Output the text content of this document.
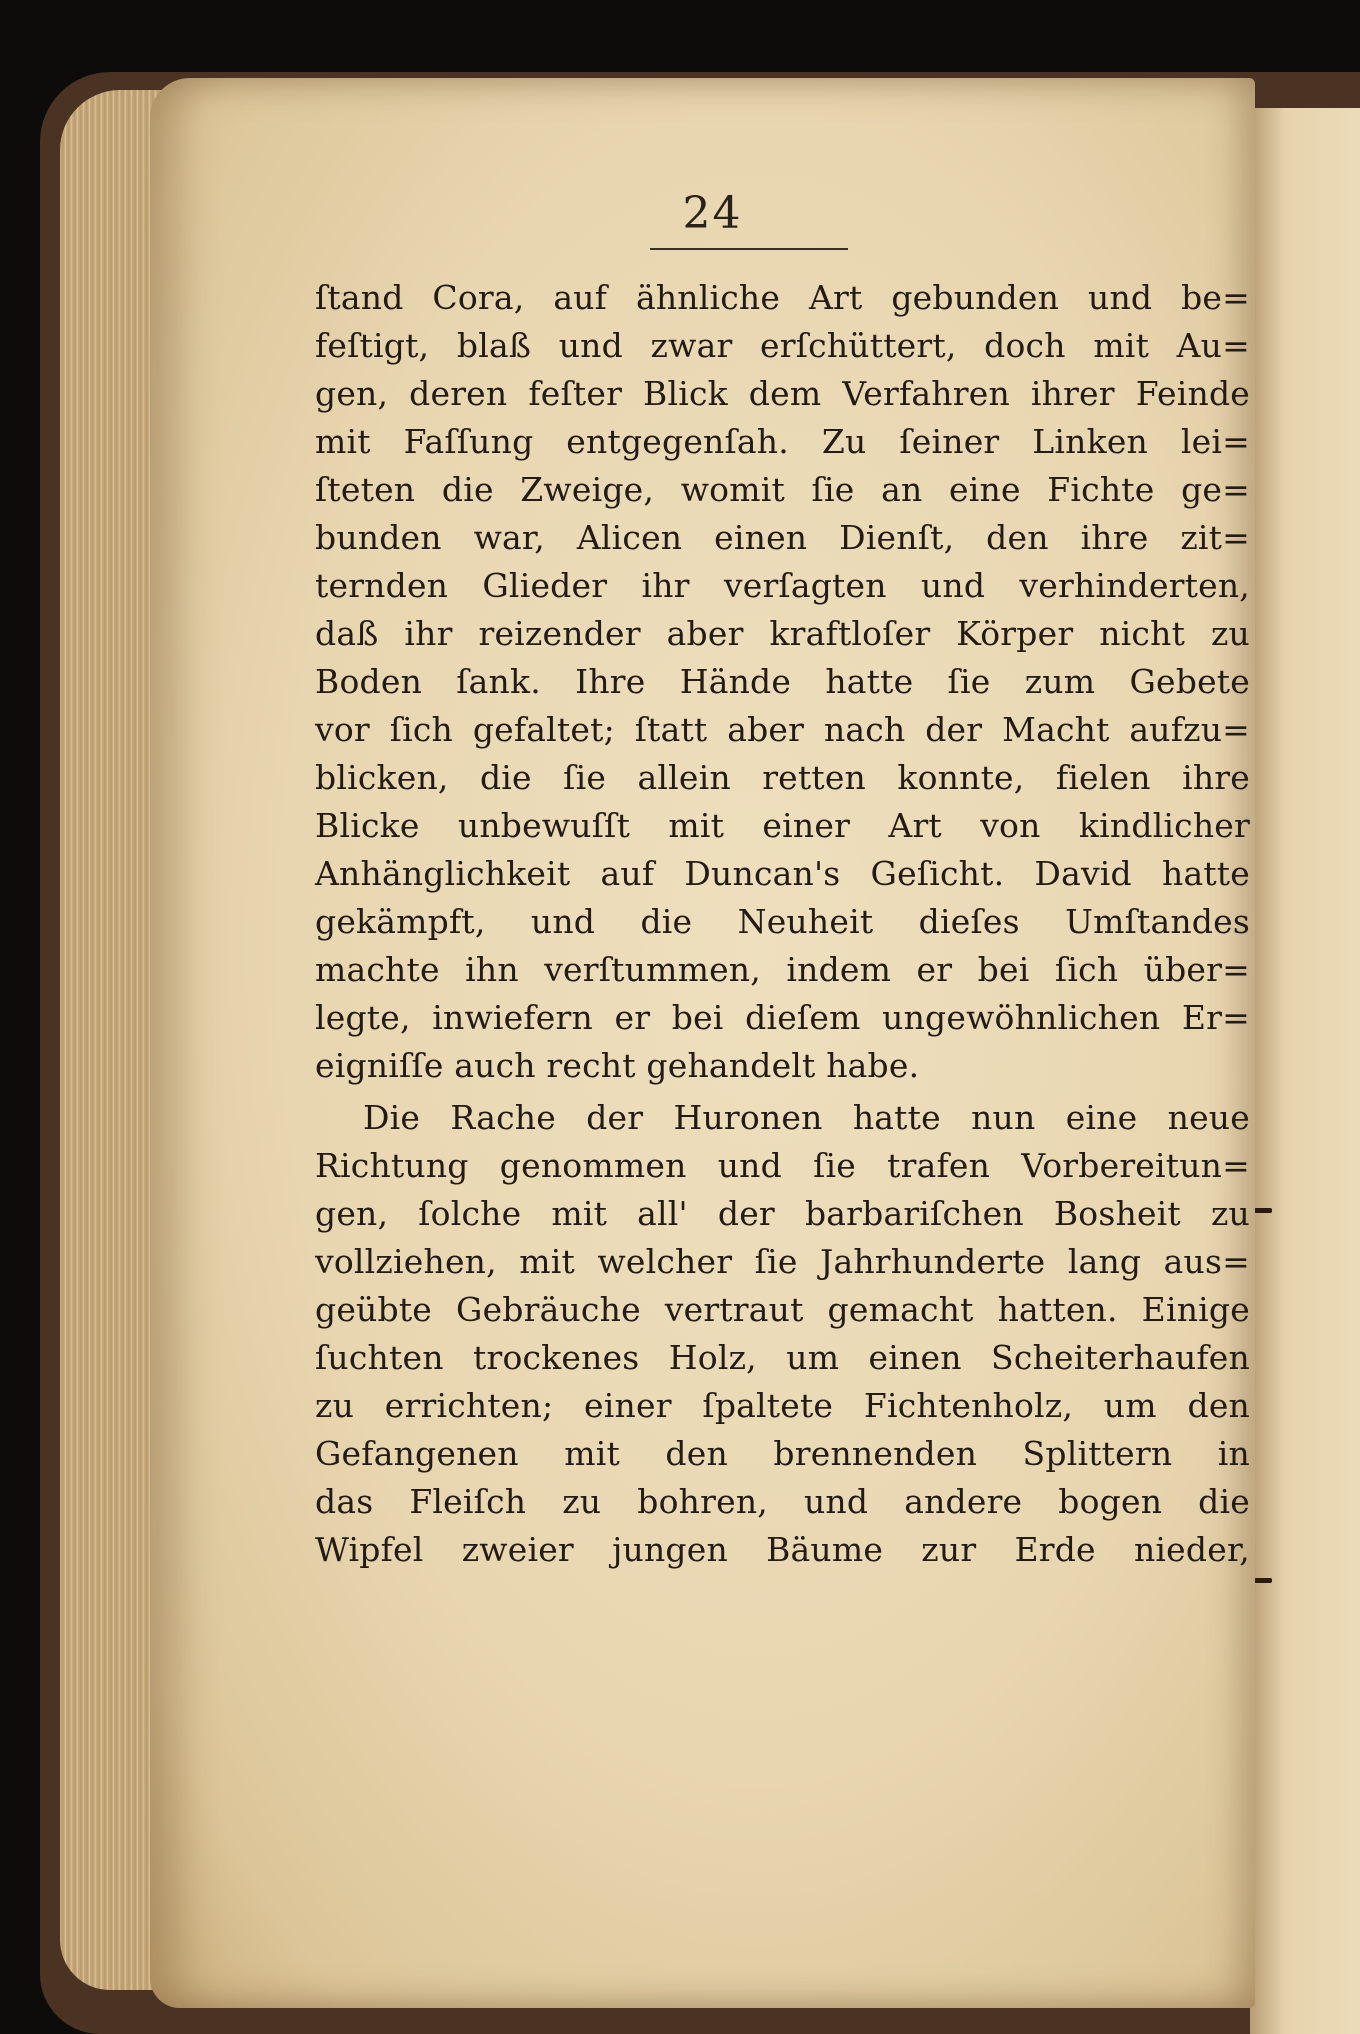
24
ſtand Cora, auf ähnliche Art gebunden und be=
feſtigt, blaß und zwar erſchüttert, doch mit Au=
gen, deren feſter Blick dem Verfahren ihrer Feinde
mit Faſſung entgegenſah. Zu ſeiner Linken lei=
ſteten die Zweige, womit ſie an eine Fichte ge=
bunden war, Alicen einen Dienſt, den ihre zit=
ternden Glieder ihr verſagten und verhinderten,
daß ihr reizender aber kraftloſer Körper nicht zu
Boden ſank. Ihre Hände hatte ſie zum Gebete
vor ſich gefaltet; ſtatt aber nach der Macht aufzu=
blicken, die ſie allein retten konnte, fielen ihre
Blicke unbewuſſt mit einer Art von kindlicher
Anhänglichkeit auf Duncan's Geſicht. David hatte
gekämpft, und die Neuheit dieſes Umſtandes
machte ihn verſtummen, indem er bei ſich über=
legte, inwiefern er bei dieſem ungewöhnlichen Er=
eigniſſe auch recht gehandelt habe.
Die Rache der Huronen hatte nun eine neue
Richtung genommen und ſie trafen Vorbereitun=
gen, ſolche mit all' der barbariſchen Bosheit zu
vollziehen, mit welcher ſie Jahrhunderte lang aus=
geübte Gebräuche vertraut gemacht hatten. Einige
ſuchten trockenes Holz, um einen Scheiterhaufen
zu errichten; einer ſpaltete Fichtenholz, um den
Gefangenen mit den brennenden Splittern in
das Fleiſch zu bohren, und andere bogen die
Wipfel zweier jungen Bäume zur Erde nieder,
